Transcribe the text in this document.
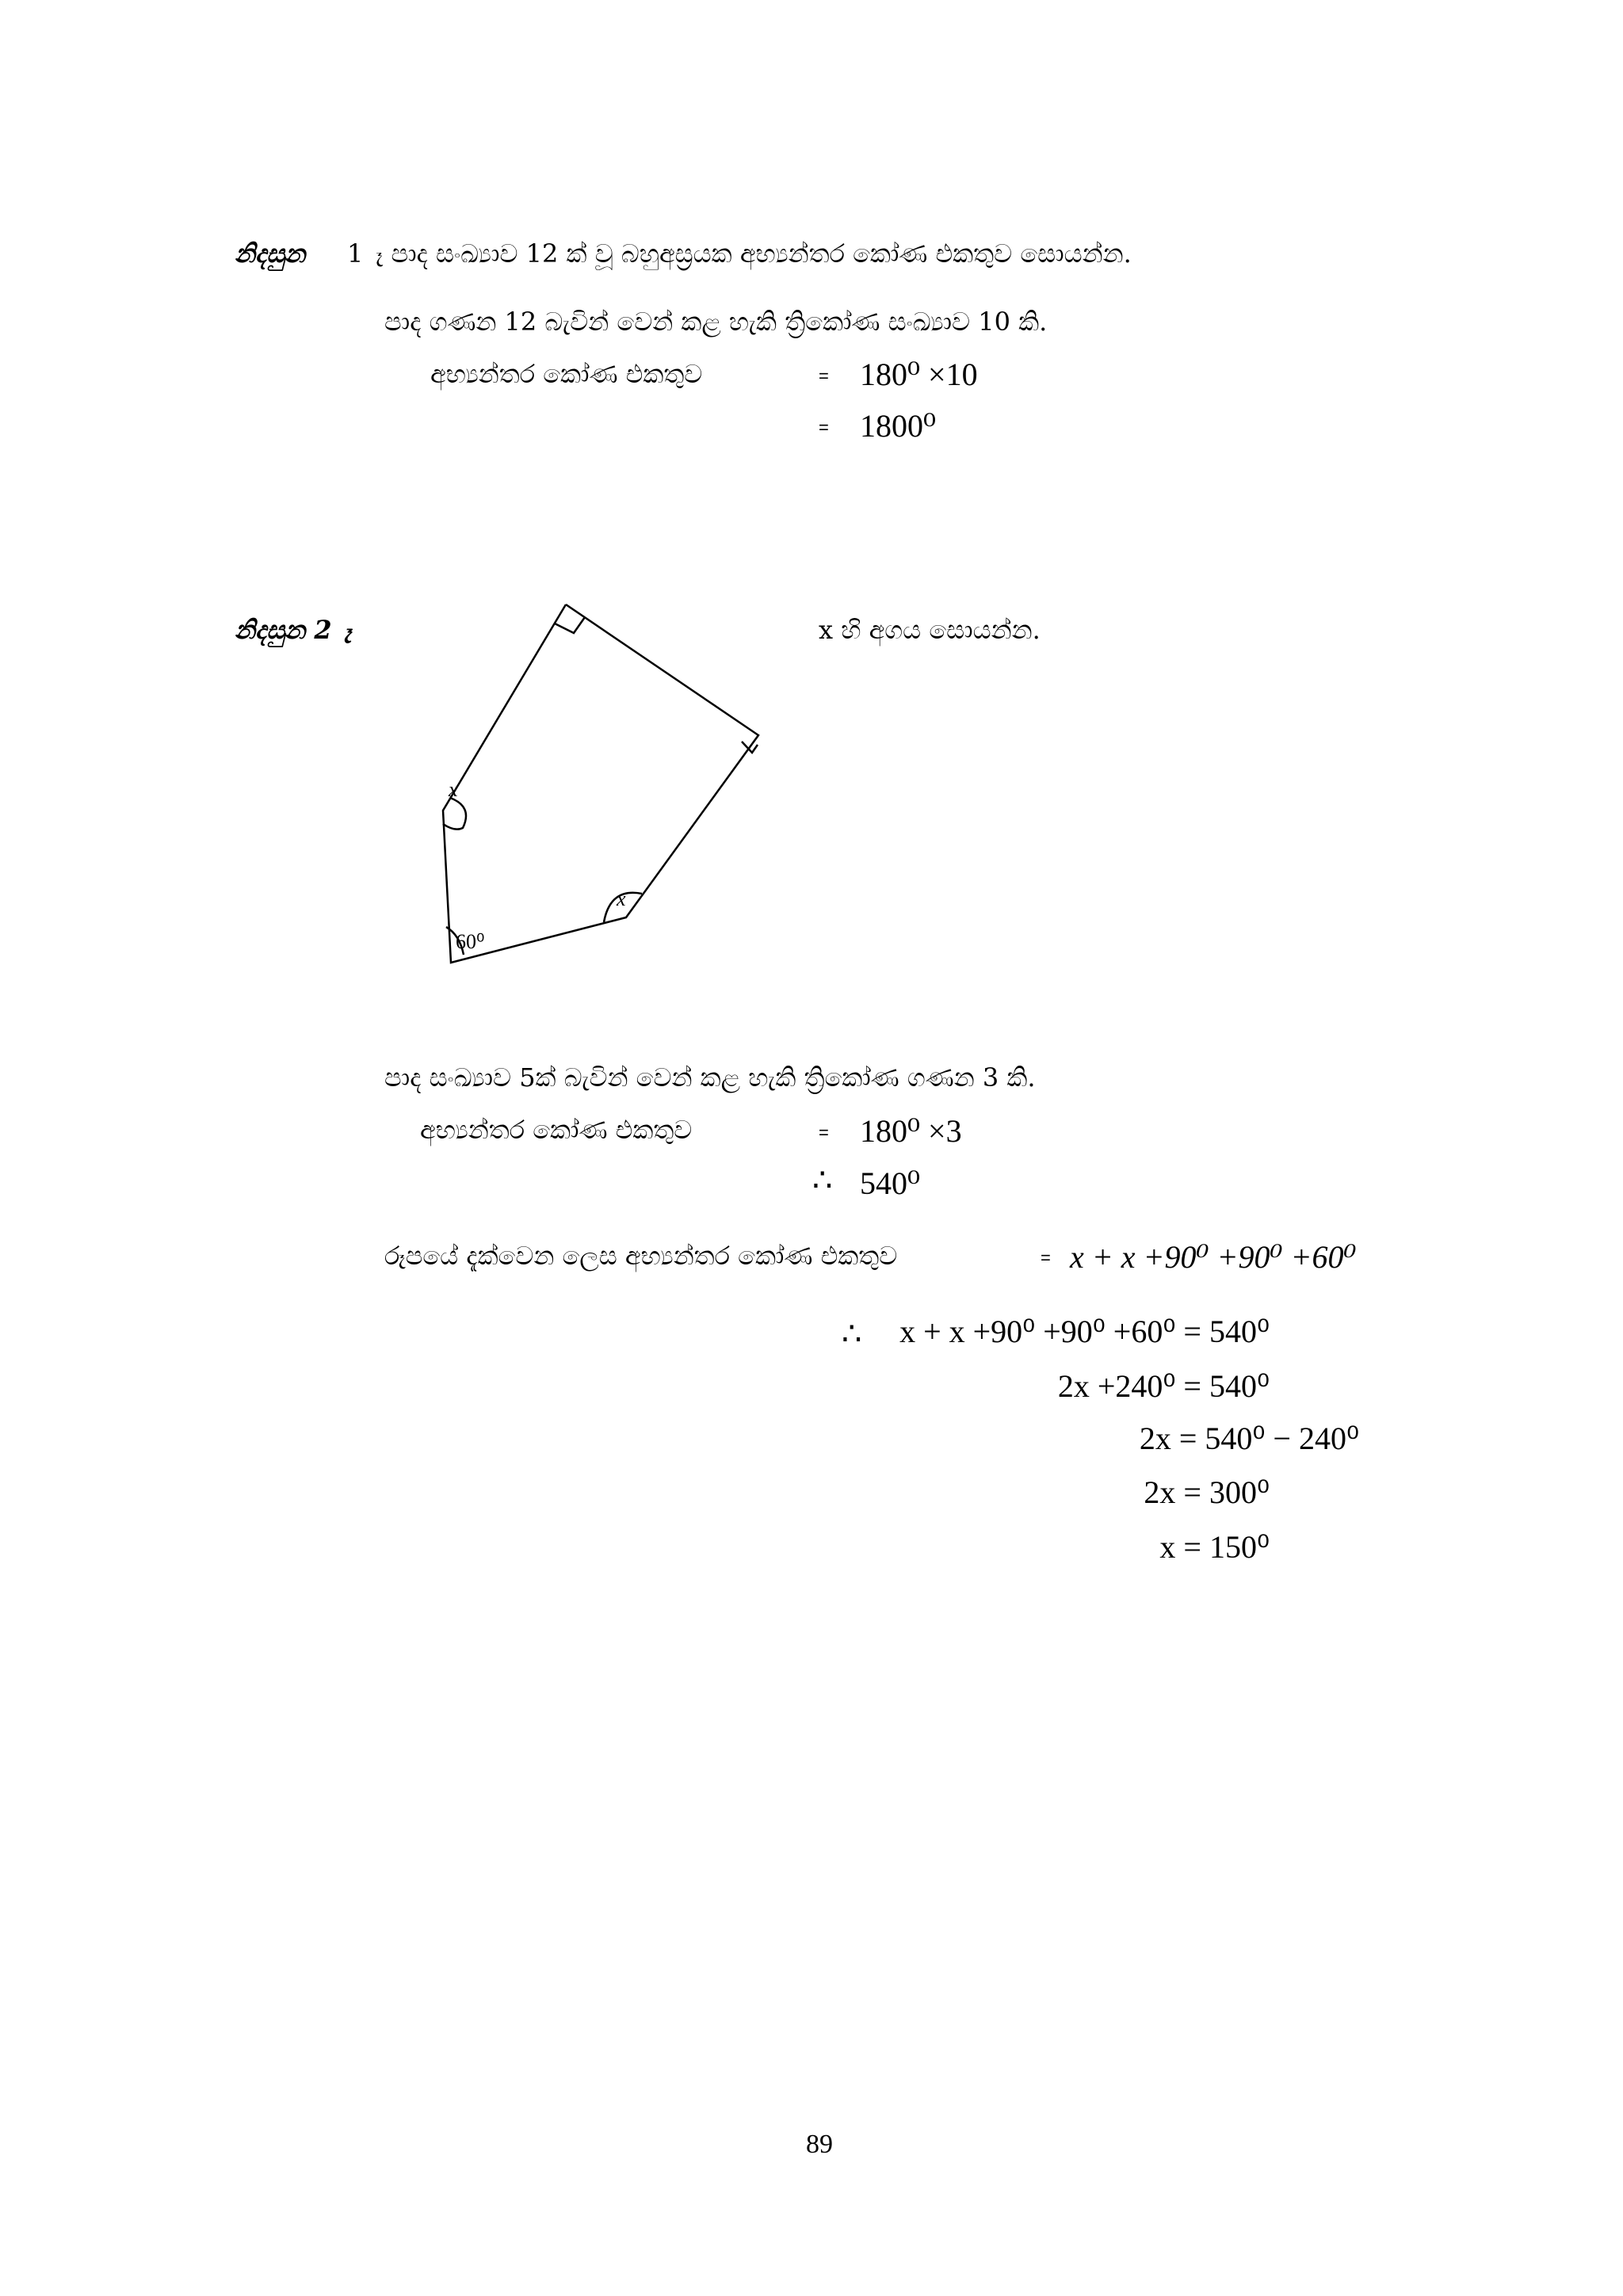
නිදසුන 1 ෑ පාද සංඛ්‍යාව 12 ක් වූ බහුඅස්‍රයක අභ්‍යන්තර කෝණ එකතුව සොයන්න.
පාද ගණන 12 බැවින් වෙන් කළ හැකි ත්‍රිකෝණ සංඛ්‍යාව 10 කි.
අභ්‍යන්තර කෝණ එකතුව	= 180⁰ ×10
= 1800⁰
නිදසුන 2 ෑ	x හි අගය සොයන්න.
x
x
60⁰
පාද සංඛ්‍යාව 5ක් බැවින් වෙන් කළ හැකි ත්‍රිකෝණ ගණන 3 කි.
අභ්‍යන්තර කෝණ එකතුව	= 180⁰ ×3
∴ 540⁰
රූපයේ දැක්වෙන ලෙස අභ්‍යන්තර කෝණ එකතුව	= x + x +90⁰ +90⁰ +60⁰
∴ x + x +90⁰ +90⁰ +60⁰ = 540⁰
2x +240⁰ = 540⁰
2x = 540⁰ − 240⁰
2x = 300⁰
x = 150⁰
89
